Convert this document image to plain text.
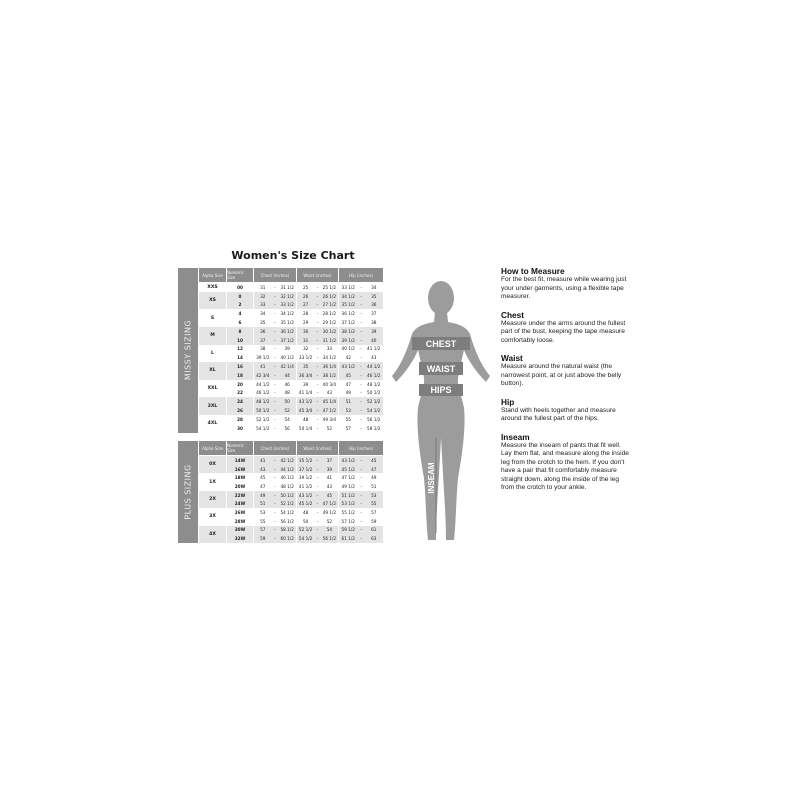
Women's Size Chart
MISSY SIZING
Alpha Size	Numeric Size	Chest (inches)	Waist (inches)	Hip (inches)
XXS	00	31	-	31 1/2	25	-	25 1/2	33 1/2	-	34
XS
0	32	-	32 1/2	26	-	26 1/2	34 1/2	-	35
2	33	-	33 1/2	27	-	27 1/2	35 1/2	-	36
S
4	34	-	34 1/2	28	-	28 1/2	36 1/2	-	37
6	35	-	35 1/2	29	-	29 1/2	37 1/2	-	38
M
8	36	-	36 1/2	30	-	30 1/2	38 1/2	-	39
10	37	-	37 1/2	31	-	31 1/2	39 1/2	-	40
L
12	38	-	39	32	-	33	40 1/2	-	41 1/2
14	39 1/2	-	40 1/2	33 1/2	-	34 1/2	42	-	43
XL
16	41	-	42 1/4	35	-	36 1/4	43 1/2	-	44 1/2
18	42 3/4	-	44	36 3/4	-	38 1/2	45	-	46 1/2
XXL
20	44 1/2	-	46	39	-	40 3/4	47	-	48 1/2
22	46 1/2	-	48	41 1/4	-	43	49	-	50 1/2
3XL
24	48 1/2	-	50	43 1/2	-	45 1/4	51	-	52 1/2
26	50 1/2	-	52	45 3/4	-	47 1/2	53	-	54 1/2
4XL
28	52 1/2	-	54	48	-	49 3/4	55	-	56 1/2
30	54 1/2	-	56	50 1/4	-	52	57	-	58 1/2
PLUS SIZING
Alpha Size	Numeric Size	Chest (inches)	Waist (inches)	Hip (inches)
0X
14W	41	-	42 1/2	35 1/2	-	37	43 1/2	-	45
16W	43	-	44 1/2	37 1/2	-	39	45 1/2	-	47
1X
18W	45	-	46 1/2	39 1/2	-	41	47 1/2	-	49
20W	47	-	48 1/2	41 1/2	-	43	49 1/2	-	51
2X
22W	49	-	50 1/2	43 1/2	-	45	51 1/2	-	53
24W	51	-	52 1/2	45 1/2	-	47 1/2	53 1/2	-	55
3X
26W	53	-	54 1/2	48	-	49 1/2	55 1/2	-	57
28W	55	-	56 1/2	50	-	52	57 1/2	-	59
4X
30W	57	-	58 1/2	52 1/2	-	54	59 1/2	-	61
32W	59	-	60 1/2	54 1/2	-	56 1/2	61 1/2	-	63
CHEST
WAIST
HIPS
INSEAM
How to Measure

For the best fit, measure while wearing just your under garments, using a flexible tape measurer.

Chest

Measure under the arms around the fullest part of the bust, keeping the tape measure comfortably loose.

Waist

Measure around the natural waist (the narrowest point, at or just above the belly button).

Hip

Stand with heels together and measure around the fullest part of the hips.

Inseam

Measure the inseam of pants that fit well. Lay them flat, and measure along the inside leg from the crotch to the hem. If you don't have a pair that fit comfortably measure straight down, along the inside of the leg from the crotch to your ankle.
